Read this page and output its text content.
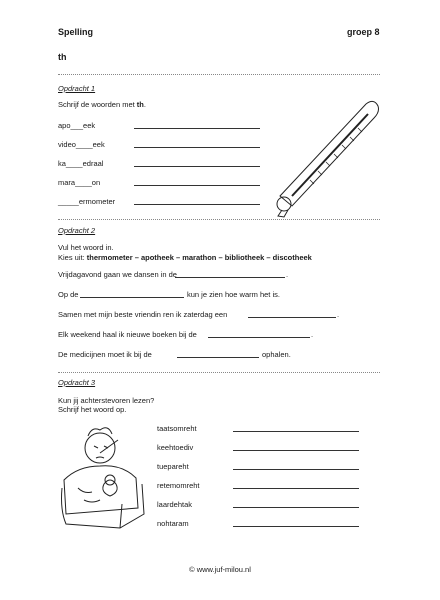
Spelling	groep 8
th
Opdracht 1
Schrijf de woorden met th.
apo___eek
video____eek
ka____edraal
mara____on
_____ermometer
Opdracht 2
Vul het woord in.
Kies uit: thermometer – apotheek – marathon – bibliotheek – discotheek
Vrijdagavond gaan we dansen in de	.
Op de	kun je zien hoe warm het is.
Samen met mijn beste vriendin ren ik zaterdag een	.
Elk weekend haal ik nieuwe boeken bij de	.
De medicijnen moet ik bij de	ophalen.
Opdracht 3
Kun jij achterstevoren lezen?
Schrijf het woord op.
taatsomreht
keehtoediv
tuepareht
retemomreht
laardehtak
nohtaram
© www.juf-milou.nl
